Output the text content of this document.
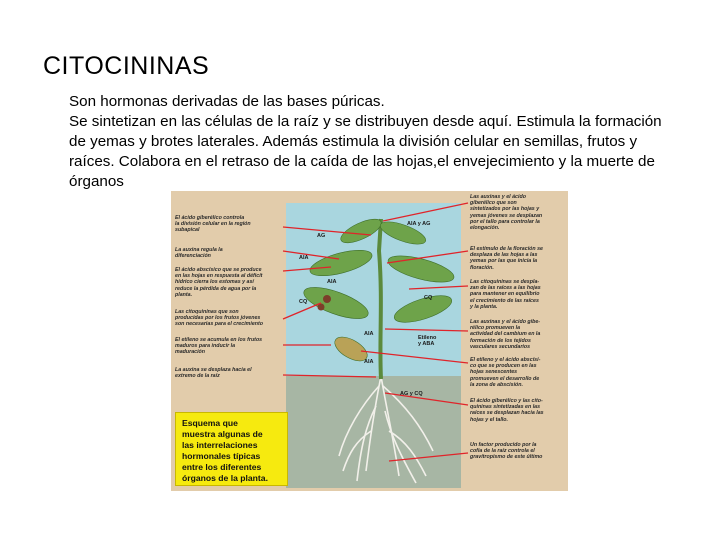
CITOCININAS

Son hormonas derivadas de las bases púricas.

Se sintetizan en las células de la raíz y se distribuyen desde aquí. Estimula la formación de yemas y brotes laterales. Además estimula la división celular en semillas, frutos y raíces. Colabora en el retraso de la caída de las hojas,el envejecimiento y la muerte de órganos

El ácido giberélico controla
la división celular en la región
subapical
La auxina regula la
diferenciación
El ácido abscísico que se produce
en las hojas en respuesta al déficit
hídrico cierra los estomas y así
reduce la pérdida de agua por la
planta.
Las citoquininas que son
producidas por los frutos jóvenes
son necesarias para el crecimiento
El etileno se acumula en los frutos
maduros para inducir la
maduración
La auxina se desplaza hacia el
extremo de la raíz
Las auxinas y el ácido
giberélico que son
sintetizados por las hojas y
yemas jóvenes se desplazan
por el tallo para controlar la
elongación.
El estímulo de la floración se
desplaza de las hojas a las
yemas por las que inicia la
floración.
Las citoquininas se despla-
zan de las raíces a las hojas
para mantener en equilibrio
el crecimiento de las raíces
y la planta.
Las auxinas y el ácido gibe-
rélico promueven la
actividad del cambium en la
formación de los tejidos
vasculares secundarios
El etileno y el ácido abscísi-
co que se producen en las
hojas senescentes
promueven el desarrollo de
la zona de abscisión.
El ácido giberélico y las cito-
quininas sintetizadas en las
raíces se desplazan hacia las
hojas y el tallo.
Un factor producido por la
cofia de la raíz controla el
gravitropismo de este último
AIA y AG
AG
AIA
AIA
CQ
CQ
AIA
Etileno
y ABA
AIA
AG y CQ
Esquema que
muestra algunas de
las interrelaciones
hormonales típicas
entre los diferentes
órganos de la planta.
